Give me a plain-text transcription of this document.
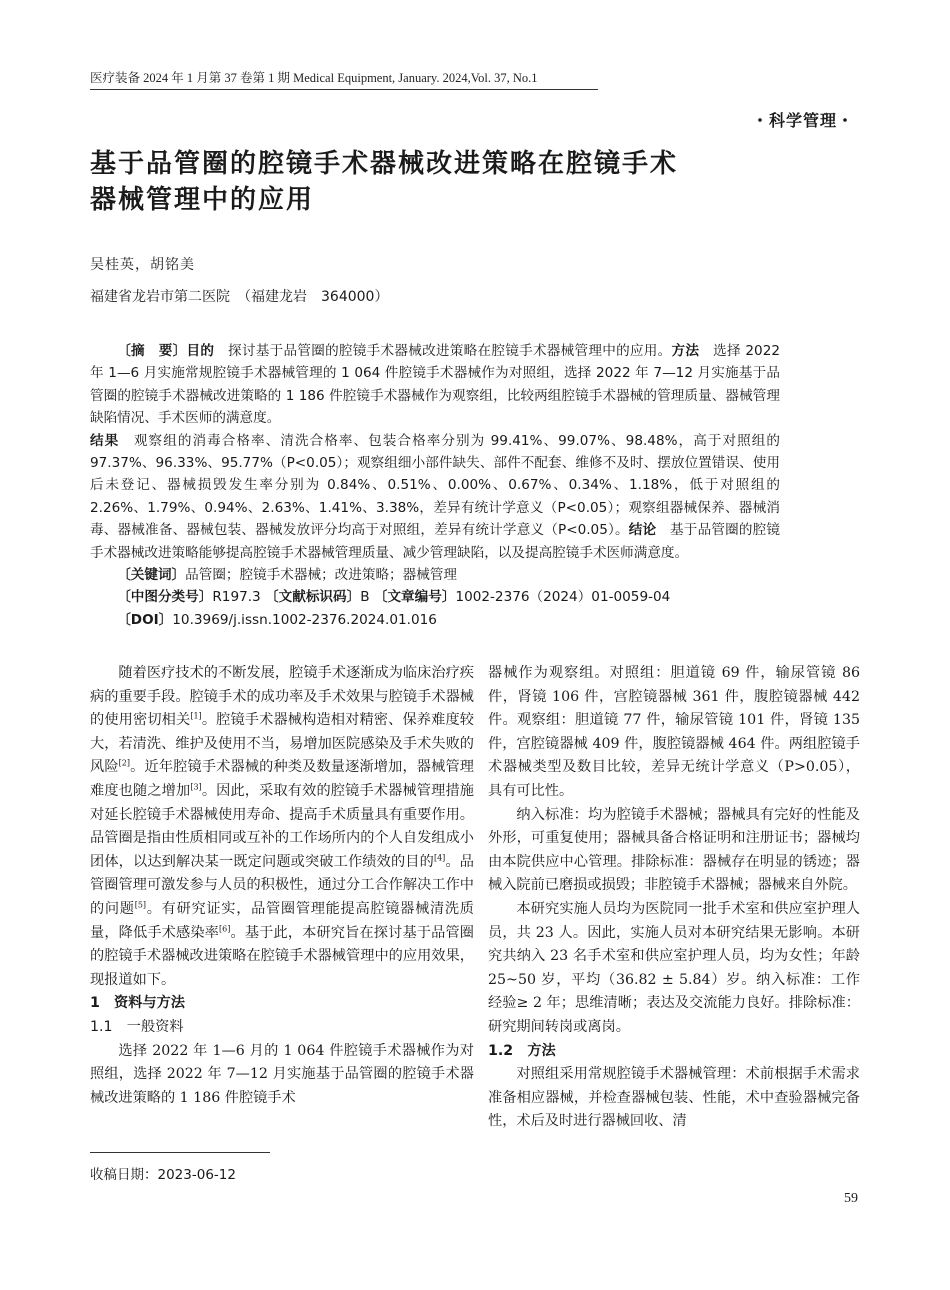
医疗装备 2024 年 1 月第 37 卷第 1 期 Medical Equipment, January. 2024,Vol. 37, No.1
・科学管理・
基于品管圈的腔镜手术器械改进策略在腔镜手术
器械管理中的应用
吴桂英，胡铭美
福建省龙岩市第二医院　（福建龙岩　364000）

〔摘　要〕目的　探讨基于品管圈的腔镜手术器械改进策略在腔镜手术器械管理中的应用。方法　选择 2022 年 1—6 月实施常规腔镜手术器械管理的 1 064 件腔镜手术器械作为对照组，选择 2022 年 7—12 月实施基于品管圈的腔镜手术器械改进策略的 1 186 件腔镜手术器械作为观察组，比较两组腔镜手术器械的管理质量、器械管理缺陷情况、手术医师的满意度。
结果　观察组的消毒合格率、清洗合格率、包装合格率分别为 99.41%、99.07%、98.48%，高于对照组的 97.37%、96.33%、95.77%（P<0.05）；观察组细小部件缺失、部件不配套、维修不及时、摆放位置错误、使用后未登记、器械损毁发生率分别为 0.84%、0.51%、0.00%、0.67%、0.34%、1.18%，低于对照组的 2.26%、1.79%、0.94%、2.63%、1.41%、3.38%，差异有统计学意义（P<0.05）；观察组器械保养、器械消毒、器械准备、器械包装、器械发放评分均高于对照组，差异有统计学意义（P<0.05）。结论　基于品管圈的腔镜手术器械改进策略能够提高腔镜手术器械管理质量、减少管理缺陷，以及提高腔镜手术医师满意度。

〔关键词〕品管圈；腔镜手术器械；改进策略；器械管理
〔中图分类号〕R197.3 〔文献标识码〕B 〔文章编号〕1002-2376（2024）01-0059-04
〔DOI〕10.3969/j.issn.1002-2376.2024.01.016

随着医疗技术的不断发展，腔镜手术逐渐成为临床治疗疾病的重要手段。腔镜手术的成功率及手术效果与腔镜手术器械的使用密切相关[1]。腔镜手术器械构造相对精密、保养难度较大，若清洗、维护及使用不当，易增加医院感染及手术失败的风险[2]。近年腔镜手术器械的种类及数量逐渐增加，器械管理难度也随之增加[3]。因此，采取有效的腔镜手术器械管理措施对延长腔镜手术器械使用寿命、提高手术质量具有重要作用。品管圈是指由性质相同或互补的工作场所内的个人自发组成小团体，以达到解决某一既定问题或突破工作绩效的目的[4]。品管圈管理可激发参与人员的积极性，通过分工合作解决工作中的问题[5]。有研究证实，品管圈管理能提高腔镜器械清洗质量，降低手术感染率[6]。基于此，本研究旨在探讨基于品管圈的腔镜手术器械改进策略在腔镜手术器械管理中的应用效果，现报道如下。

1　资料与方法

1.1　一般资料

选择 2022 年 1—6 月的 1 064 件腔镜手术器械作为对照组，选择 2022 年 7—12 月实施基于品管圈的腔镜手术器械改进策略的 1 186 件腔镜手术

器械作为观察组。对照组：胆道镜 69 件，输尿管镜 86 件，肾镜 106 件，宫腔镜器械 361 件，腹腔镜器械 442 件。观察组：胆道镜 77 件，输尿管镜 101 件，肾镜 135 件，宫腔镜器械 409 件，腹腔镜器械 464 件。两组腔镜手术器械类型及数目比较，差异无统计学意义（P>0.05），具有可比性。

纳入标准：均为腔镜手术器械；器械具有完好的性能及外形，可重复使用；器械具备合格证明和注册证书；器械均由本院供应中心管理。排除标准：器械存在明显的锈迹；器械入院前已磨损或损毁；非腔镜手术器械；器械来自外院。

本研究实施人员均为医院同一批手术室和供应室护理人员，共 23 人。因此，实施人员对本研究结果无影响。本研究共纳入 23 名手术室和供应室护理人员，均为女性；年龄 25~50 岁，平均（36.82 ± 5.84）岁。纳入标准：工作经验≥ 2 年；思维清晰；表达及交流能力良好。排除标准：研究期间转岗或离岗。

1.2　方法

对照组采用常规腔镜手术器械管理：术前根据手术需求准备相应器械，并检查器械包装、性能，术中查验器械完备性，术后及时进行器械回收、清

收稿日期：2023-06-12
59
